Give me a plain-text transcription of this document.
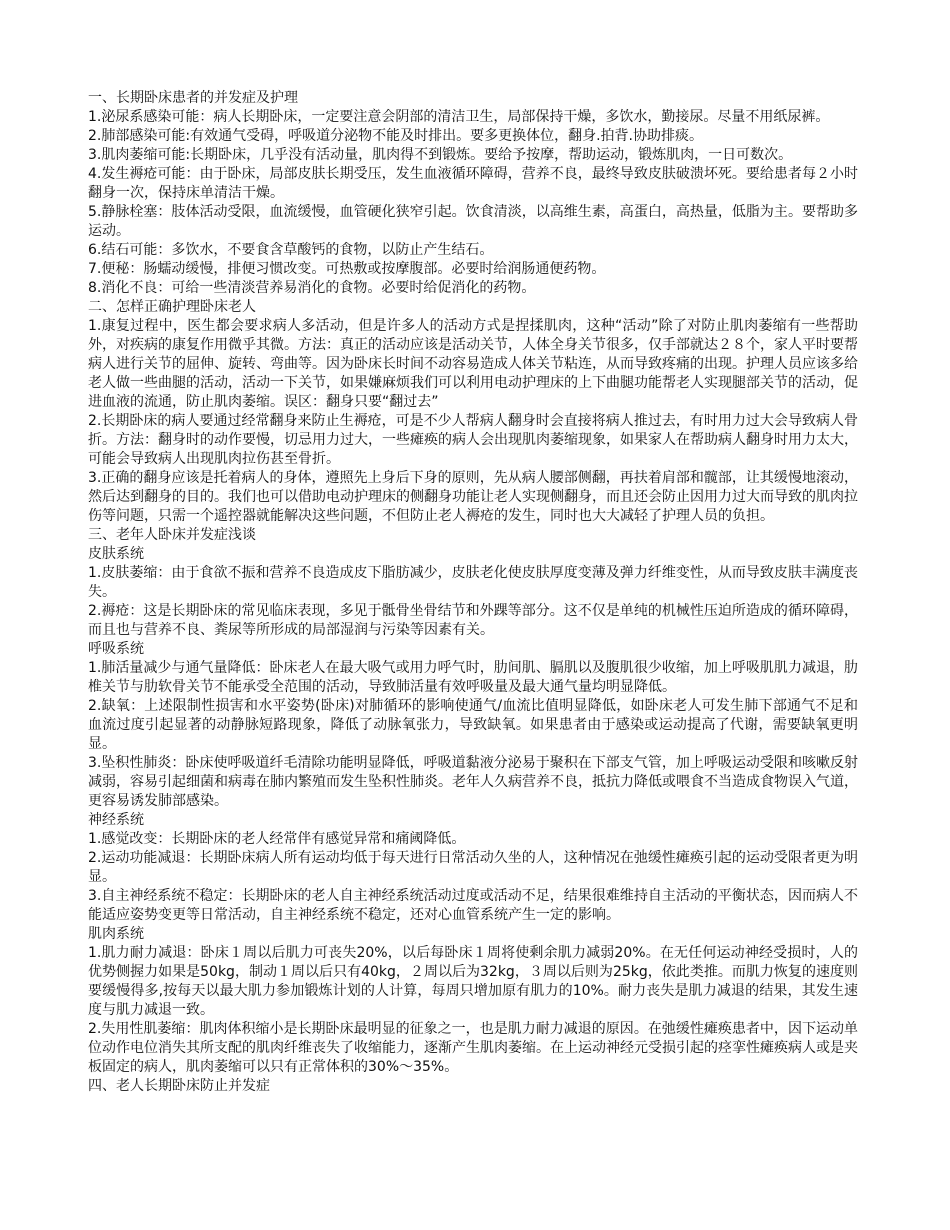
一、长期卧床患者的并发症及护理
1.泌尿系感染可能：病人长期卧床，一定要注意会阴部的清洁卫生，局部保持干燥，多饮水，勤接尿。尽量不用纸尿裤。
2.肺部感染可能:有效通气受碍，呼吸道分泌物不能及时排出。要多更换体位，翻身.拍背.协助排痰。
3.肌肉萎缩可能:长期卧床，几乎没有活动量，肌肉得不到锻炼。要给予按摩，帮助运动，锻炼肌肉，一日可数次。
4.发生褥疮可能：由于卧床，局部皮肤长期受压，发生血液循环障碍，营养不良，最终导致皮肤破溃坏死。要给患者每２小时翻身一次，保持床单清洁干燥。
5.静脉栓塞：肢体活动受限，血流缓慢，血管硬化狭窄引起。饮食清淡，以高维生素，高蛋白，高热量，低脂为主。要帮助多运动。
6.结石可能：多饮水，不要食含草酸钙的食物，以防止产生结石。
7.便秘：肠蠕动缓慢，排便习惯改变。可热敷或按摩腹部。必要时给润肠通便药物。
8.消化不良：可给一些清淡营养易消化的食物。必要时给促消化的药物。
二、怎样正确护理卧床老人
1.康复过程中，医生都会要求病人多活动，但是许多人的活动方式是捏揉肌肉，这种“活动”除了对防止肌肉萎缩有一些帮助外，对疾病的康复作用微乎其微。方法：真正的活动应该是活动关节，人体全身关节很多，仅手部就达２８个，家人平时要帮病人进行关节的屈伸、旋转、弯曲等。因为卧床长时间不动容易造成人体关节粘连，从而导致疼痛的出现。护理人员应该多给老人做一些曲腿的活动，活动一下关节，如果嫌麻烦我们可以利用电动护理床的上下曲腿功能帮老人实现腿部关节的活动，促进血液的流通，防止肌肉萎缩。误区：翻身只要“翻过去”
2.长期卧床的病人要通过经常翻身来防止生褥疮，可是不少人帮病人翻身时会直接将病人推过去，有时用力过大会导致病人骨折。方法：翻身时的动作要慢，切忌用力过大，一些瘫痪的病人会出现肌肉萎缩现象，如果家人在帮助病人翻身时用力太大，可能会导致病人出现肌肉拉伤甚至骨折。
3.正确的翻身应该是托着病人的身体，遵照先上身后下身的原则，先从病人腰部侧翻，再扶着肩部和髋部，让其缓慢地滚动，然后达到翻身的目的。我们也可以借助电动护理床的侧翻身功能让老人实现侧翻身，而且还会防止因用力过大而导致的肌肉拉伤等问题，只需一个遥控器就能解决这些问题，不但防止老人褥疮的发生，同时也大大减轻了护理人员的负担。
三、老年人卧床并发症浅谈
皮肤系统
1.皮肤萎缩：由于食欲不振和营养不良造成皮下脂肪减少，皮肤老化使皮肤厚度变薄及弹力纤维变性，从而导致皮肤丰满度丧失。
2.褥疮：这是长期卧床的常见临床表现，多见于骶骨坐骨结节和外踝等部分。这不仅是单纯的机械性压迫所造成的循环障碍，而且也与营养不良、粪尿等所形成的局部湿润与污染等因素有关。
呼吸系统
1.肺活量减少与通气量降低：卧床老人在最大吸气或用力呼气时，肋间肌、膈肌以及腹肌很少收缩，加上呼吸肌肌力减退，肋椎关节与肋软骨关节不能承受全范围的活动，导致肺活量有效呼吸量及最大通气量均明显降低。
2.缺氧：上述限制性损害和水平姿势(卧床)对肺循环的影响使通气/血流比值明显降低，如卧床老人可发生肺下部通气不足和血流过度引起显著的动静脉短路现象，降低了动脉氧张力，导致缺氧。如果患者由于感染或运动提高了代谢，需要缺氧更明显。
3.坠积性肺炎：卧床使呼吸道纤毛清除功能明显降低，呼吸道黏液分泌易于聚积在下部支气管，加上呼吸运动受限和咳嗽反射减弱，容易引起细菌和病毒在肺内繁殖而发生坠积性肺炎。老年人久病营养不良，抵抗力降低或喂食不当造成食物误入气道，更容易诱发肺部感染。
神经系统
1.感觉改变：长期卧床的老人经常伴有感觉异常和痛阈降低。
2.运动功能减退：长期卧床病人所有运动均低于每天进行日常活动久坐的人，这种情况在弛缓性瘫痪引起的运动受限者更为明显。
3.自主神经系统不稳定：长期卧床的老人自主神经系统活动过度或活动不足，结果很难维持自主活动的平衡状态，因而病人不能适应姿势变更等日常活动，自主神经系统不稳定，还对心血管系统产生一定的影响。
肌肉系统
1.肌力耐力减退：卧床１周以后肌力可丧失20%，以后每卧床１周将使剩余肌力减弱20%。在无任何运动神经受损时，人的优势侧握力如果是50kg，制动１周以后只有40kg，２周以后为32kg，３周以后则为25kg，依此类推。而肌力恢复的速度则要缓慢得多,按每天以最大肌力参加锻炼计划的人计算，每周只增加原有肌力的10%。耐力丧失是肌力减退的结果，其发生速度与肌力减退一致。
2.失用性肌萎缩：肌肉体积缩小是长期卧床最明显的征象之一，也是肌力耐力减退的原因。在弛缓性瘫痪患者中，因下运动单位动作电位消失其所支配的肌肉纤维丧失了收缩能力，逐渐产生肌肉萎缩。在上运动神经元受损引起的痉挛性瘫痪病人或是夹板固定的病人，肌肉萎缩可以只有正常体积的30%～35%。
四、老人长期卧床防止并发症
